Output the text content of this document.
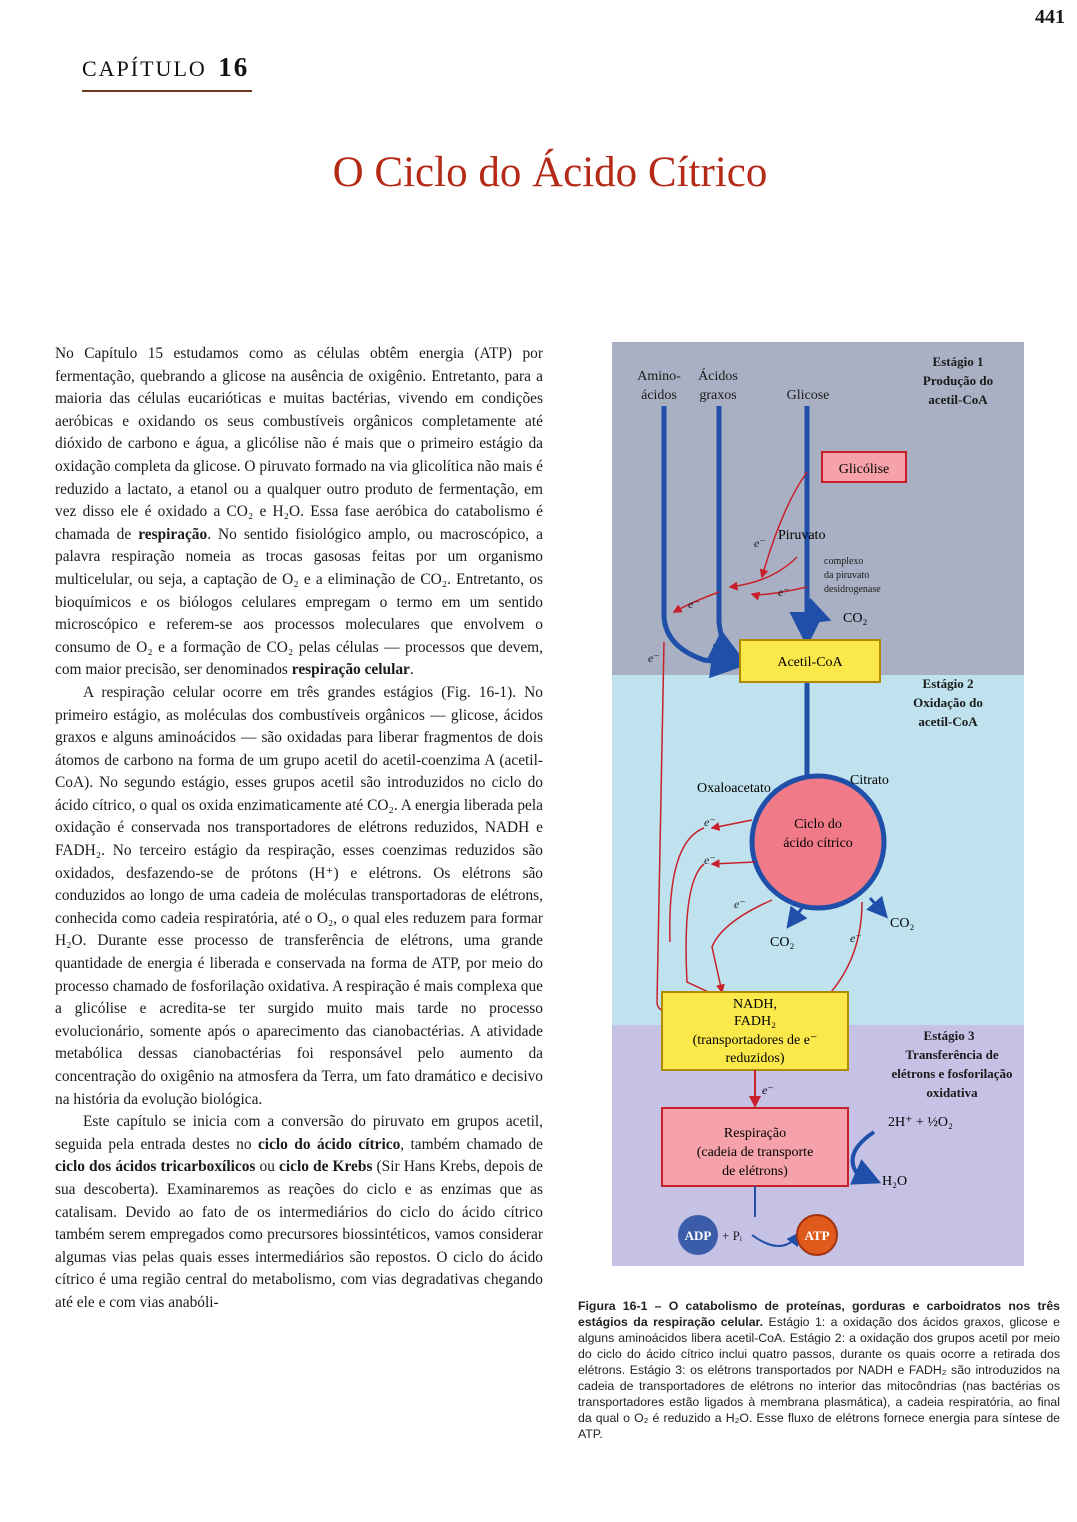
441
CAPÍTULO 16
O Ciclo do Ácido Cítrico

No Capítulo 15 estudamos como as células obtêm energia (ATP) por fermentação, quebrando a glicose na ausência de oxigênio. Entretanto, para a maioria das células eucarióticas e muitas bactérias, vivendo em condições aeróbicas e oxidando os seus combustíveis orgânicos completamente até dióxido de carbono e água, a glicólise não é mais que o primeiro estágio da oxidação completa da glicose. O piruvato formado na via glicolítica não mais é reduzido a lactato, a etanol ou a qualquer outro produto de fermentação, em vez disso ele é oxidado a CO₂ e H₂O. Essa fase aeróbica do catabolismo é chamada de respiração. No sentido fisiológico amplo, ou macroscópico, a palavra respiração nomeia as trocas gasosas feitas por um organismo multicelular, ou seja, a captação de O₂ e a eliminação de CO₂. Entretanto, os bioquímicos e os biólogos celulares empregam o termo em um sentido microscópico e referem-se aos processos moleculares que envolvem o consumo de O₂ e a formação de CO₂ pelas células — processos que devem, com maior precisão, ser denominados respiração celular.

A respiração celular ocorre em três grandes estágios (Fig. 16-1). No primeiro estágio, as moléculas dos combustíveis orgânicos — glicose, ácidos graxos e alguns aminoácidos — são oxidadas para liberar fragmentos de dois átomos de carbono na forma de um grupo acetil do acetil-coenzima A (acetil-CoA). No segundo estágio, esses grupos acetil são introduzidos no ciclo do ácido cítrico, o qual os oxida enzimaticamente até CO₂. A energia liberada pela oxidação é conservada nos transportadores de elétrons reduzidos, NADH e FADH₂. No terceiro estágio da respiração, esses coenzimas reduzidos são oxidados, desfazendo-se de prótons (H⁺) e elétrons. Os elétrons são conduzidos ao longo de uma cadeia de moléculas transportadoras de elétrons, conhecida como cadeia respiratória, até o O₂, o qual eles reduzem para formar H₂O. Durante esse processo de transferência de elétrons, uma grande quantidade de energia é liberada e conservada na forma de ATP, por meio do processo chamado de fosforilação oxidativa. A respiração é mais complexa que a glicólise e acredita-se ter surgido muito mais tarde no processo evolucionário, somente após o aparecimento das cianobactérias. A atividade metabólica dessas cianobactérias foi responsável pelo aumento da concentração do oxigênio na atmosfera da Terra, um fato dramático e decisivo na história da evolução biológica.

Este capítulo se inicia com a conversão do piruvato em grupos acetil, seguida pela entrada destes no ciclo do ácido cítrico, também chamado de ciclo dos ácidos tricarboxílicos ou ciclo de Krebs (Sir Hans Krebs, depois de sua descoberta). Examinaremos as reações do ciclo e as enzimas que as catalisam. Devido ao fato de os intermediários do ciclo do ácido cítrico também serem empregados como precursores biossintéticos, vamos considerar algumas vias pelas quais esses intermediários são repostos. O ciclo do ácido cítrico é uma região central do metabolismo, com vias degradativas chegando até ele e com vias anabóli-

Estágio 1
Produção do
acetil-CoA
Estágio 2
Oxidação do
acetil-CoA
Estágio 3
Transferência de
elétrons e fosforilação
oxidativa
Amino-
ácidos
Ácidos
graxos	Glicose
Glicólise
Piruvato
complexo
da piruvato
desidrogenase
CO₂
Acetil-CoA
e⁻
e⁻
e⁻
e⁻
Ciclo do
ácido cítrico
Oxaloacetato
Citrato
CO₂
CO₂
e⁻
e⁻
e⁻
e⁻
NADH,
FADH₂
(transportadores de e⁻
reduzidos)
e⁻
Respiração
(cadeia de transporte
de elétrons)
2H⁺ + ½O₂
H₂O
ADP + Pᵢ	ATP
Figura 16-1 – O catabolismo de proteínas, gorduras e carboidratos nos três estágios da respiração celular. Estágio 1: a oxidação dos ácidos graxos, glicose e alguns aminoácidos libera acetil-CoA. Estágio 2: a oxidação dos grupos acetil por meio do ciclo do ácido cítrico inclui quatro passos, durante os quais ocorre a retirada dos elétrons. Estágio 3: os elétrons transportados por NADH e FADH₂ são introduzidos na cadeia de transportadores de elétrons no interior das mitocôndrias (nas bactérias os transportadores estão ligados à membrana plasmática), a cadeia respiratória, ao final da qual o O₂ é reduzido a H₂O. Esse fluxo de elétrons fornece energia para síntese de ATP.
